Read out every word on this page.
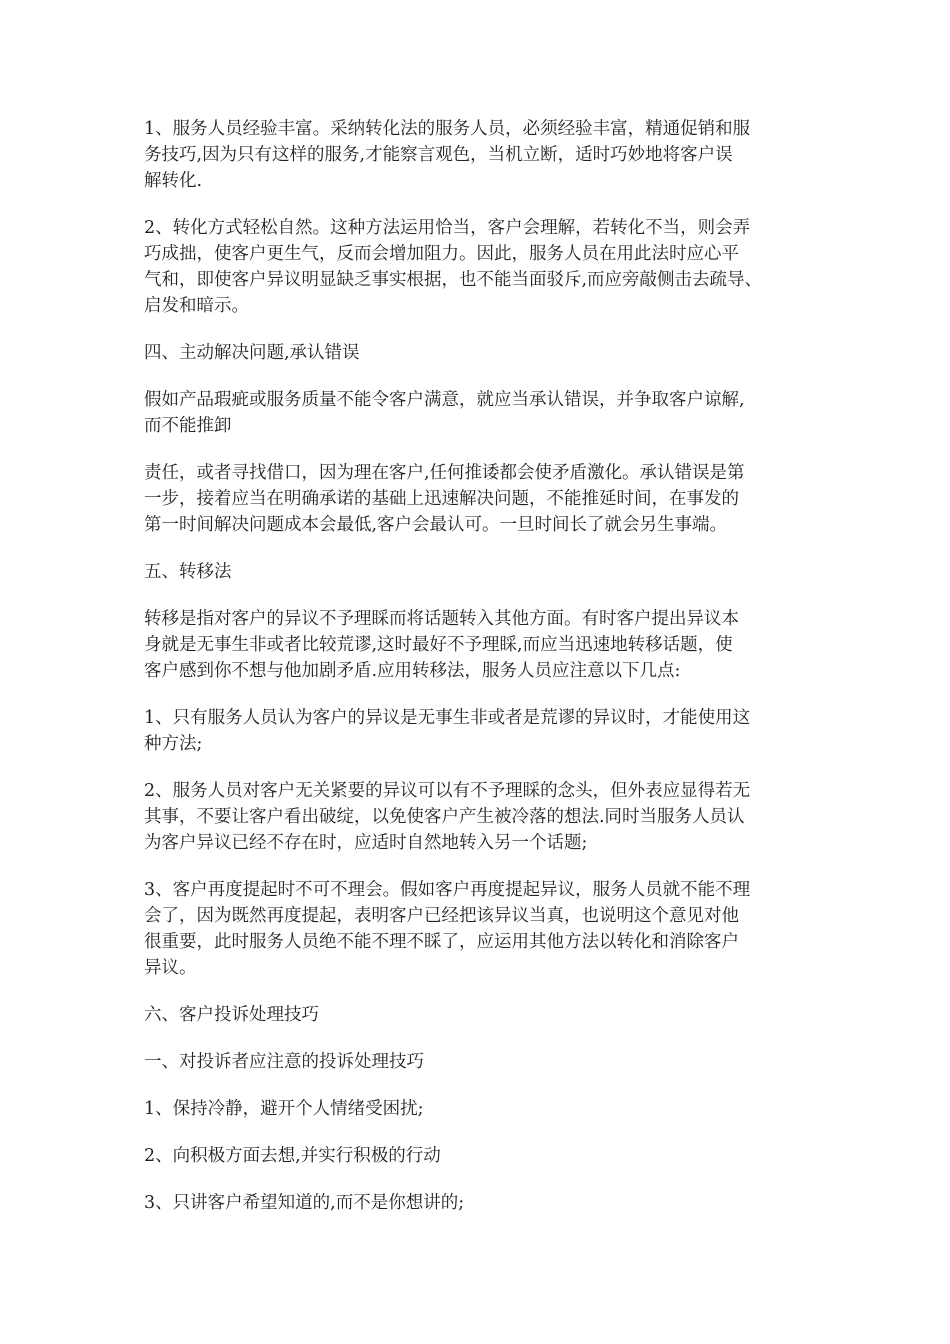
1、服务人员经验丰富。采纳转化法的服务人员，必须经验丰富，精通促销和服
务技巧,因为只有这样的服务,才能察言观色，当机立断，适时巧妙地将客户误
解转化.

2、转化方式轻松自然。这种方法运用恰当，客户会理解，若转化不当，则会弄
巧成拙，使客户更生气，反而会增加阻力。因此，服务人员在用此法时应心平
气和，即使客户异议明显缺乏事实根据，也不能当面驳斥,而应旁敲侧击去疏导、
启发和暗示。

四、主动解决问题,承认错误

假如产品瑕疵或服务质量不能令客户满意，就应当承认错误，并争取客户谅解,
而不能推卸

责任，或者寻找借口，因为理在客户,任何推诿都会使矛盾激化。承认错误是第
一步，接着应当在明确承诺的基础上迅速解决问题，不能推延时间，在事发的
第一时间解决问题成本会最低,客户会最认可。一旦时间长了就会另生事端。

五、转移法

转移是指对客户的异议不予理睬而将话题转入其他方面。有时客户提出异议本
身就是无事生非或者比较荒谬,这时最好不予理睬,而应当迅速地转移话题，使
客户感到你不想与他加剧矛盾.应用转移法，服务人员应注意以下几点:

1、只有服务人员认为客户的异议是无事生非或者是荒谬的异议时，才能使用这
种方法;

2、服务人员对客户无关紧要的异议可以有不予理睬的念头，但外表应显得若无
其事，不要让客户看出破绽，以免使客户产生被冷落的想法.同时当服务人员认
为客户异议已经不存在时，应适时自然地转入另一个话题;

3、客户再度提起时不可不理会。假如客户再度提起异议，服务人员就不能不理
会了，因为既然再度提起，表明客户已经把该异议当真，也说明这个意见对他
很重要，此时服务人员绝不能不理不睬了，应运用其他方法以转化和消除客户
异议。

六、客户投诉处理技巧

一、对投诉者应注意的投诉处理技巧

1、保持冷静，避开个人情绪受困扰;

2、向积极方面去想,并实行积极的行动

3、只讲客户希望知道的,而不是你想讲的;
